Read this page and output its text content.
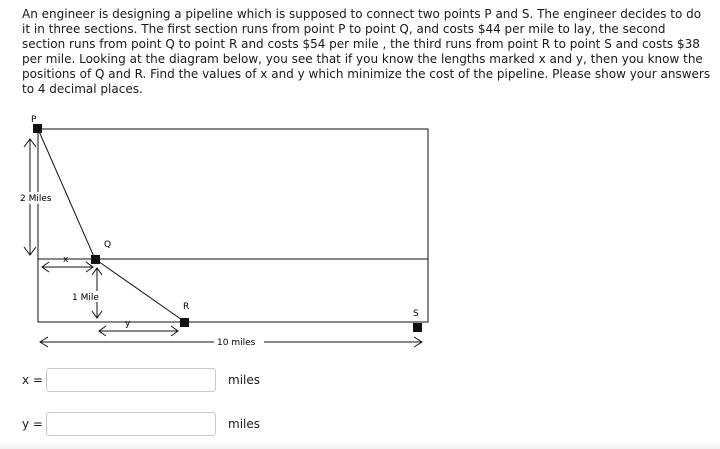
An engineer is designing a pipeline which is supposed to connect two points P and S. The engineer decides to do it in three sections. The first section runs from point P to point Q, and costs $44 per mile to lay, the second section runs from point Q to point R and costs $54 per mile , the third runs from point R to point S and costs $38 per mile. Looking at the diagram below, you see that if you know the lengths marked x and y, then you know the positions of Q and R. Find the values of x and y which minimize the cost of the pipeline. Please show your answers to 4 decimal places.

P
Q
R
S
2 Miles
x
1 Mile
y
10 miles
x =	miles
y =	miles
